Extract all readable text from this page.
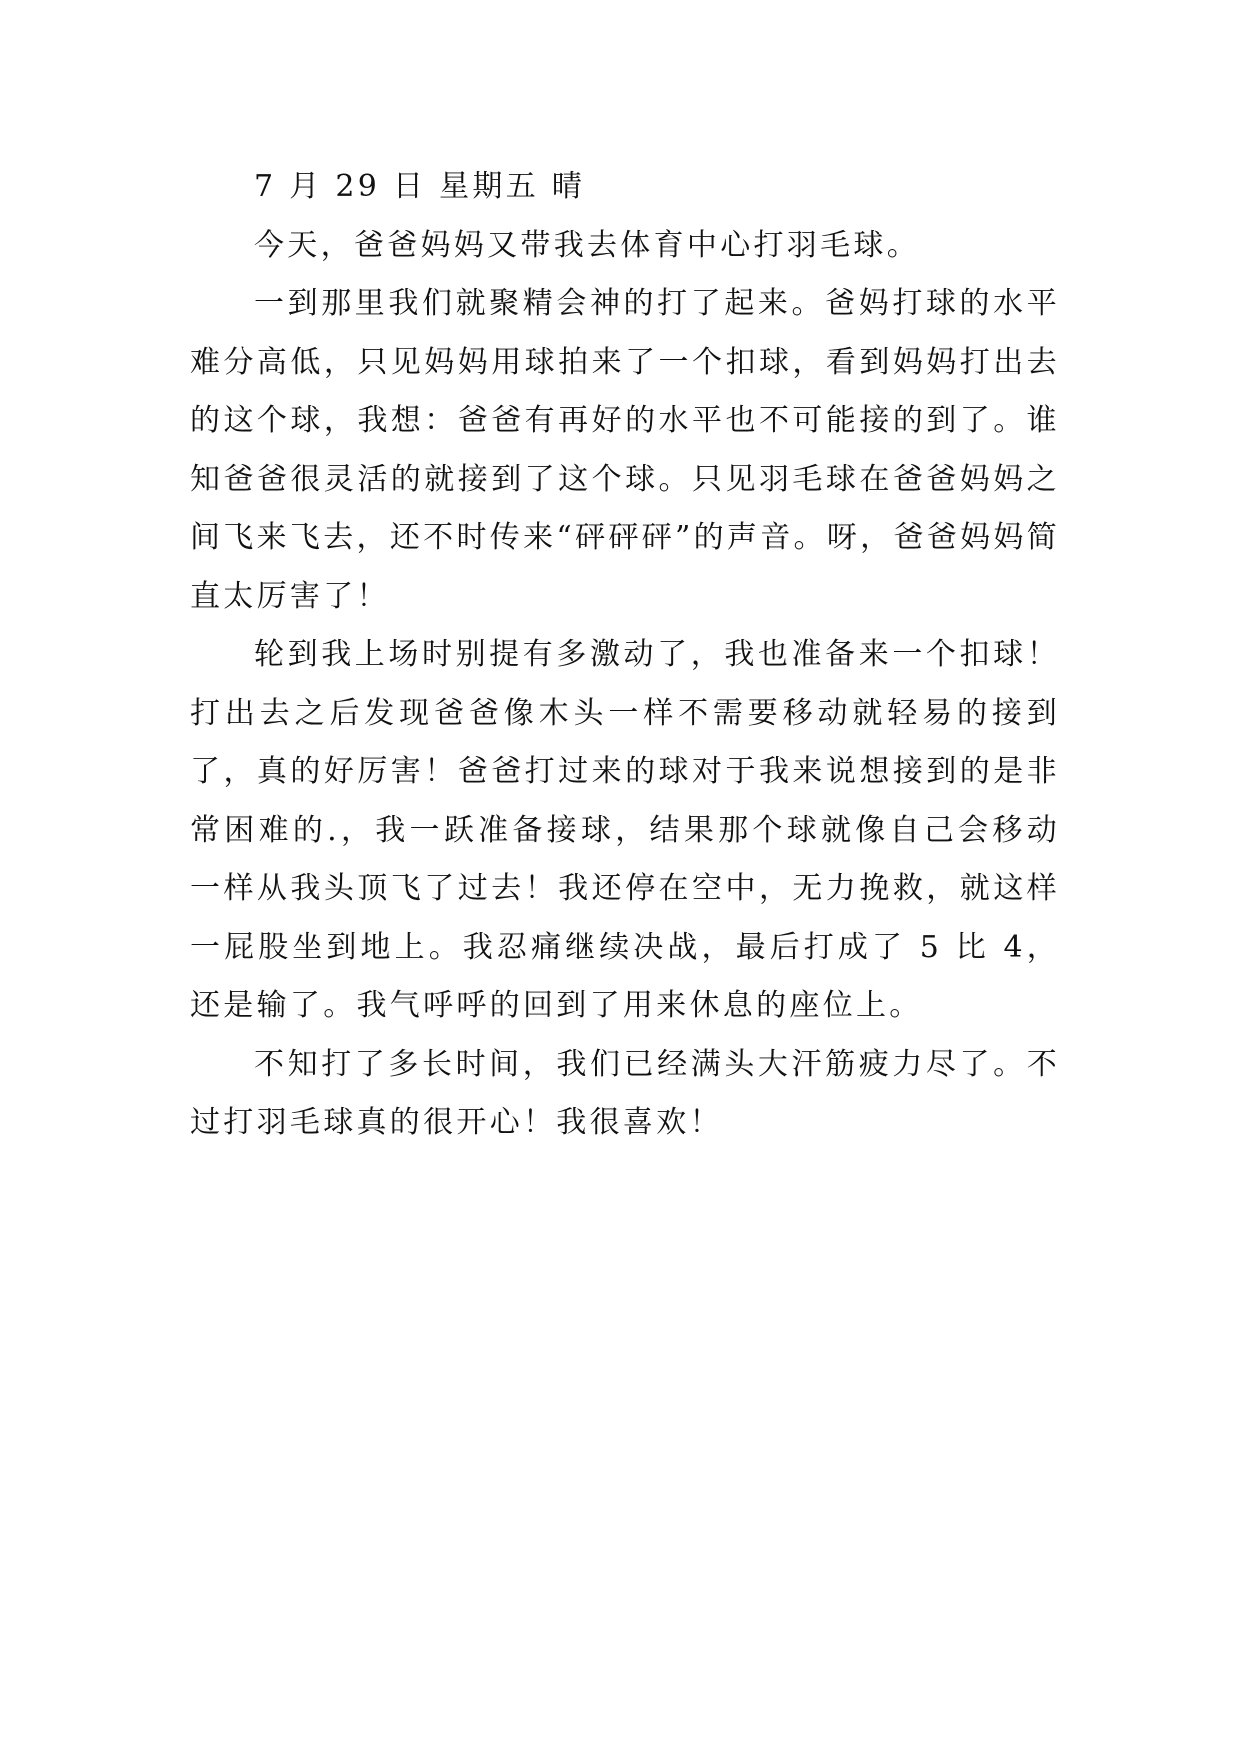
7 月 29 日 星期五 晴

今天，爸爸妈妈又带我去体育中心打羽毛球。

一到那里我们就聚精会神的打了起来。爸妈打球的水平难分高低，只见妈妈用球拍来了一个扣球，看到妈妈打出去的这个球，我想：爸爸有再好的水平也不可能接的到了。谁知爸爸很灵活的就接到了这个球。只见羽毛球在爸爸妈妈之间飞来飞去，还不时传来“砰砰砰”的声音。呀，爸爸妈妈简直太厉害了！

轮到我上场时别提有多激动了，我也准备来一个扣球！打出去之后发现爸爸像木头一样不需要移动就轻易的接到了，真的好厉害！爸爸打过来的球对于我来说想接到的是非常困难的.，我一跃准备接球，结果那个球就像自己会移动一样从我头顶飞了过去！我还停在空中，无力挽救，就这样一屁股坐到地上。我忍痛继续决战，最后打成了 5 比 4，还是输了。我气呼呼的回到了用来休息的座位上。

不知打了多长时间，我们已经满头大汗筋疲力尽了。不过打羽毛球真的很开心！我很喜欢！
